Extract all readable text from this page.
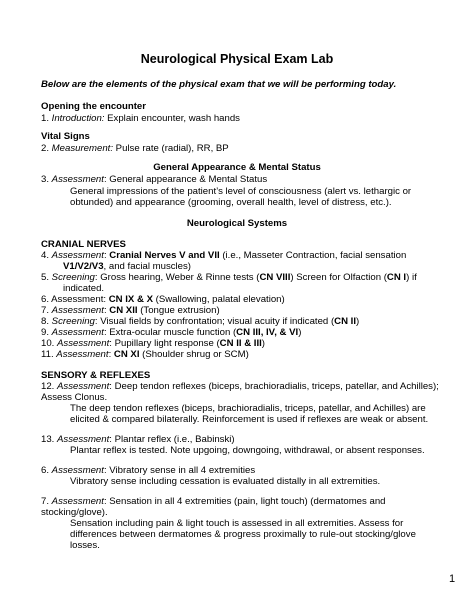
Neurological Physical Exam Lab
Below are the elements of the physical exam that we will be performing today.
Opening the encounter
1. Introduction: Explain encounter, wash hands
Vital Signs
2. Measurement: Pulse rate (radial), RR, BP
General Appearance & Mental Status
3. Assessment: General appearance & Mental Status
General impressions of the patient’s level of consciousness (alert vs. lethargic or
obtunded) and appearance (grooming, overall health, level of distress, etc.).
Neurological Systems
CRANIAL NERVES
4. Assessment: Cranial Nerves V and VII (i.e., Masseter Contraction, facial sensation
V1/V2/V3, and facial muscles)
5. Screening: Gross hearing, Weber & Rinne tests (CN VIII) Screen for Olfaction (CN I) if
indicated.
6. Assessment: CN IX & X (Swallowing, palatal elevation)
7. Assessment: CN XII (Tongue extrusion)
8. Screening: Visual fields by confrontation; visual acuity if indicated (CN II)
9. Assessment: Extra-ocular muscle function (CN III, IV, & VI)
10. Assessment: Pupillary light response (CN II & III)
11. Assessment: CN XI (Shoulder shrug or SCM)
SENSORY & REFLEXES
12. Assessment: Deep tendon reflexes (biceps, brachioradialis, triceps, patellar, and Achilles);
Assess Clonus.
The deep tendon reflexes (biceps, brachioradialis, triceps, patellar, and Achilles) are
elicited & compared bilaterally. Reinforcement is used if reflexes are weak or absent.
13. Assessment: Plantar reflex (i.e., Babinski)
Plantar reflex is tested. Note upgoing, downgoing, withdrawal, or absent responses.
6. Assessment: Vibratory sense in all 4 extremities
Vibratory sense including cessation is evaluated distally in all extremities.
7. Assessment: Sensation in all 4 extremities (pain, light touch) (dermatomes and
stocking/glove).
Sensation including pain & light touch is assessed in all extremities. Assess for
differences between dermatomes & progress proximally to rule-out stocking/glove
losses.
1
